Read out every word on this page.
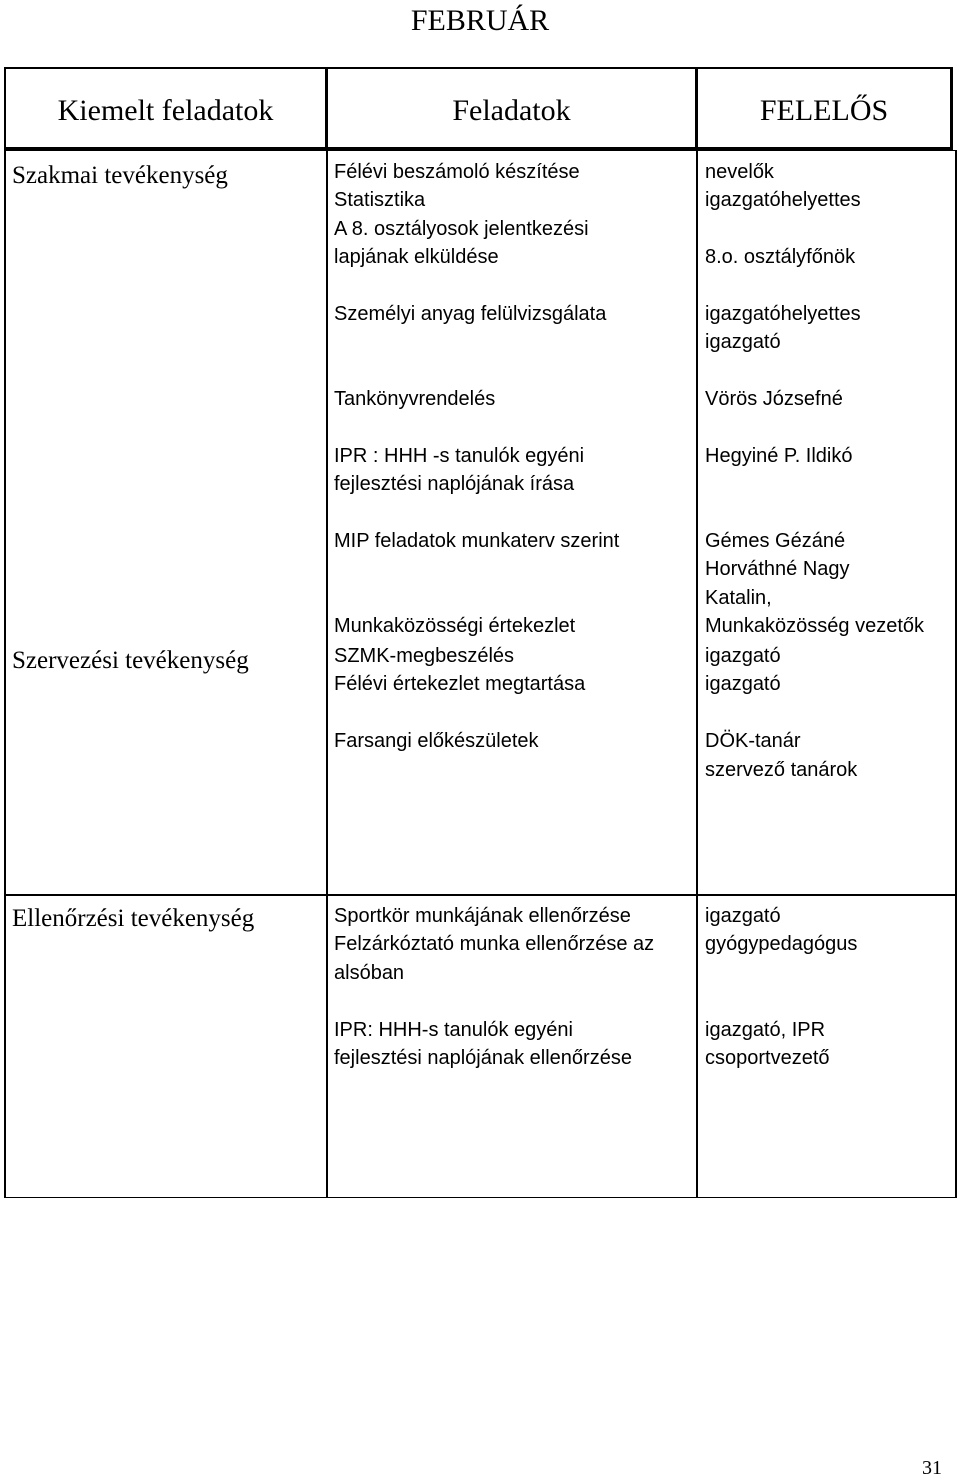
FEBRUÁR
Kiemelt feladatok	Feladatok	FELELŐS
Szakmai tevékenység
Szervezési tevékenység
Ellenőrzési tevékenység
Félévi beszámoló készítése
Statisztika
A 8. osztályosok jelentkezési
lapjának elküldése
Személyi anyag felülvizsgálata
Tankönyvrendelés
IPR : HHH -s tanulók egyéni
fejlesztési naplójának írása
MIP feladatok munkaterv szerint
Munkaközösségi értekezlet
nevelők
igazgatóhelyettes
8.o. osztályfőnök
igazgatóhelyettes
igazgató
Vörös Józsefné
Hegyiné P. Ildikó
Gémes Gézáné
Horváthné Nagy
Katalin,
Munkaközösség vezetők
SZMK-megbeszélés
Félévi értekezlet megtartása
Farsangi előkészületek
igazgató
igazgató
DÖK-tanár
szervező tanárok
Sportkör munkájának ellenőrzése
Felzárkóztató munka ellenőrzése az
alsóban
IPR: HHH-s tanulók egyéni
fejlesztési naplójának ellenőrzése
igazgató
gyógypedagógus
igazgató, IPR
csoportvezető
31
